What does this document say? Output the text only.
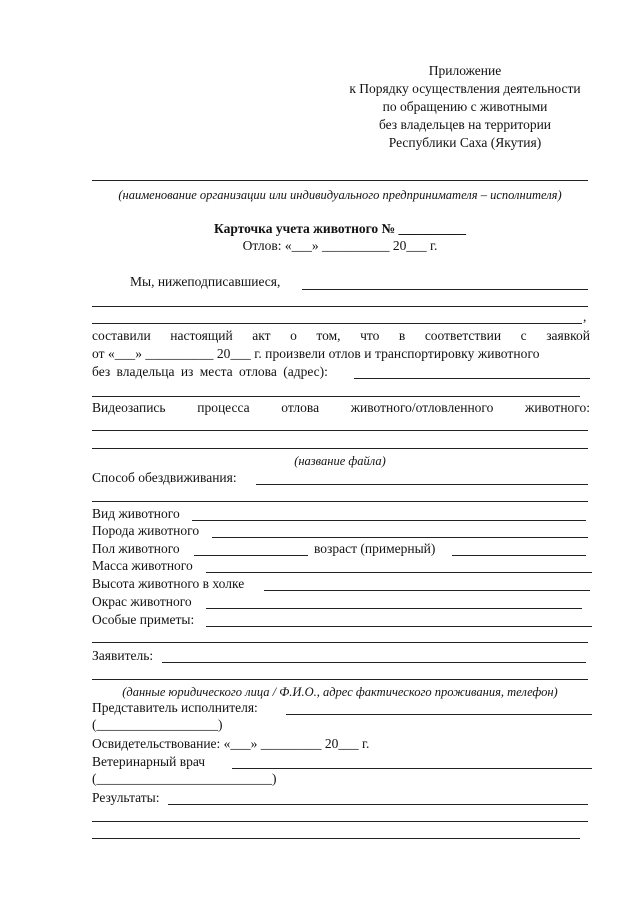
Приложение
к Порядку осуществления деятельности
по обращению с животными
без владельцев на территории
Республики Саха (Якутия)
(наименование организации или индивидуального предпринимателя – исполнителя)
Карточка учета животного № __________
Отлов: «___» __________ 20___ г.
Мы, нижеподписавшиеся,
,
составили настоящий акт о том, что в соответствии с заявкой
от «___» __________ 20___ г. произвели отлов и транспортировку животного
без владельца из места отлова (адрес):
Видеозапись процесса отлова животного/отловленного животного:
(название файла)
Способ обездвиживания:
Вид животного
Порода животного
Пол животного	возраст (примерный)
Масса животного
Высота животного в холке
Окрас животного
Особые приметы:
Заявитель:
(данные юридического лица / Ф.И.О., адрес фактического проживания, телефон)
Представитель исполнителя:
(__________________)
Освидетельствование: «___» _________ 20___ г.
Ветеринарный врач
(__________________________)
Результаты:
